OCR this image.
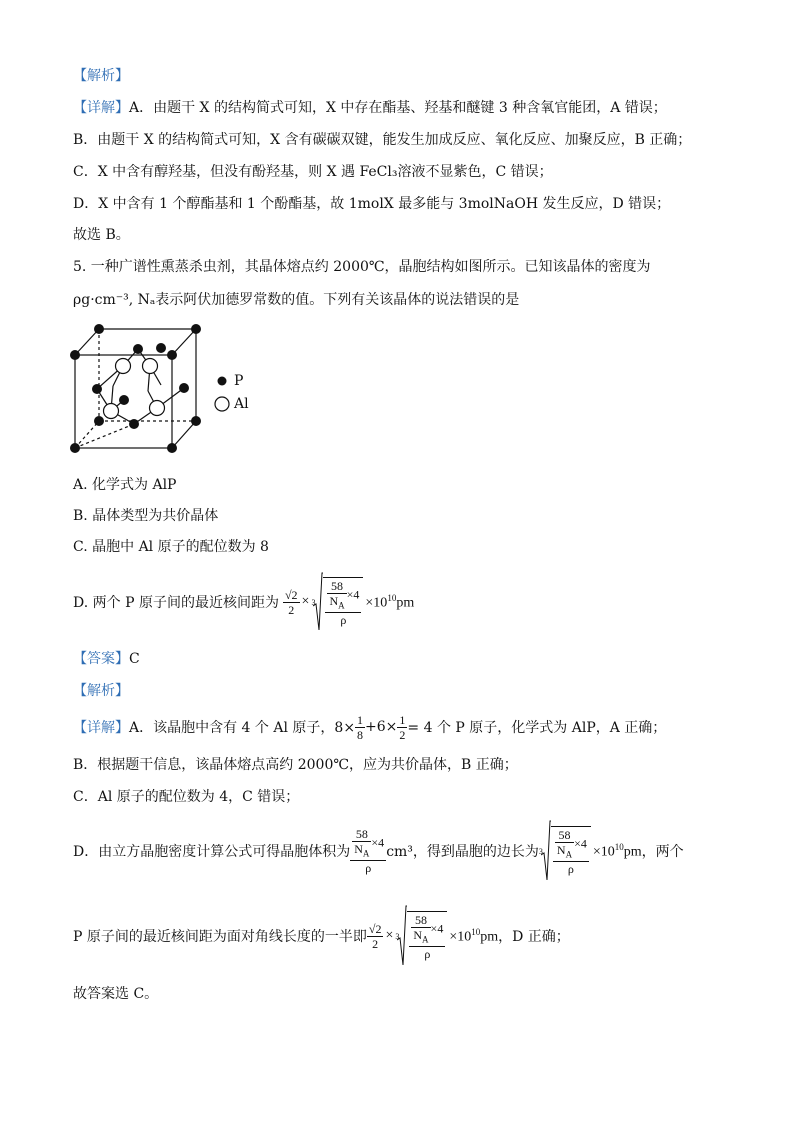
【解析】
【详解】A．由题干 X 的结构简式可知，X 中存在酯基、羟基和醚键 3 种含氧官能团，A 错误；
B．由题干 X 的结构简式可知，X 含有碳碳双键，能发生加成反应、氧化反应、加聚反应，B 正确；
C．X 中含有醇羟基，但没有酚羟基，则 X 遇 FeCl₃溶液不显紫色，C 错误；
D．X 中含有 1 个醇酯基和 1 个酚酯基，故 1molX 最多能与 3molNaOH 发生反应，D 错误；
故选 B。
5. 一种广谱性熏蒸杀虫剂，其晶体熔点约 2000℃，晶胞结构如图所示。已知该晶体的密度为
ρg·cm⁻³, Nₐ表示阿伏加德罗常数的值。下列有关该晶体的说法错误的是
P
Al
A. 化学式为 AlP
B. 晶体类型为共价晶体
C. 晶胞中 Al 原子的配位数为 8
D. 两个 P 原子间的最近核间距为 $\frac{√2}{2} \times 3 \frac{\frac{58}{N_A} \times 4}{\rho} \times 10^{10}pm$
【答案】C
【解析】
【详解】 A．该晶胞中含有 4 个 Al 原子，$8\times \frac{1}{8} +6\times \frac{1}{2} = 4$ 个 P 原子，化学式为 AlP，A 正确；
B．根据题干信息，该晶体熔点高约 2000℃，应为共价晶体，B 正确；
C．Al 原子的配位数为 4，C 错误；
D．由立方晶胞密度计算公式可得晶胞体积为 $\frac{\frac{58}{N_A} \times 4}{\rho} cm^3$，得到晶胞的边长为 $3 \frac{\frac{58}{N_A} \times 4}{\rho} \times 10^{10}pm$ ，两个
P 原子间的最近核间距为面对角线长度的一半即 $\frac{√2}{2} \times 3 \frac{\frac{58}{N_A} \times 4}{\rho} \times 10^{10}pm$ ，D 正确；
故答案选 C。
